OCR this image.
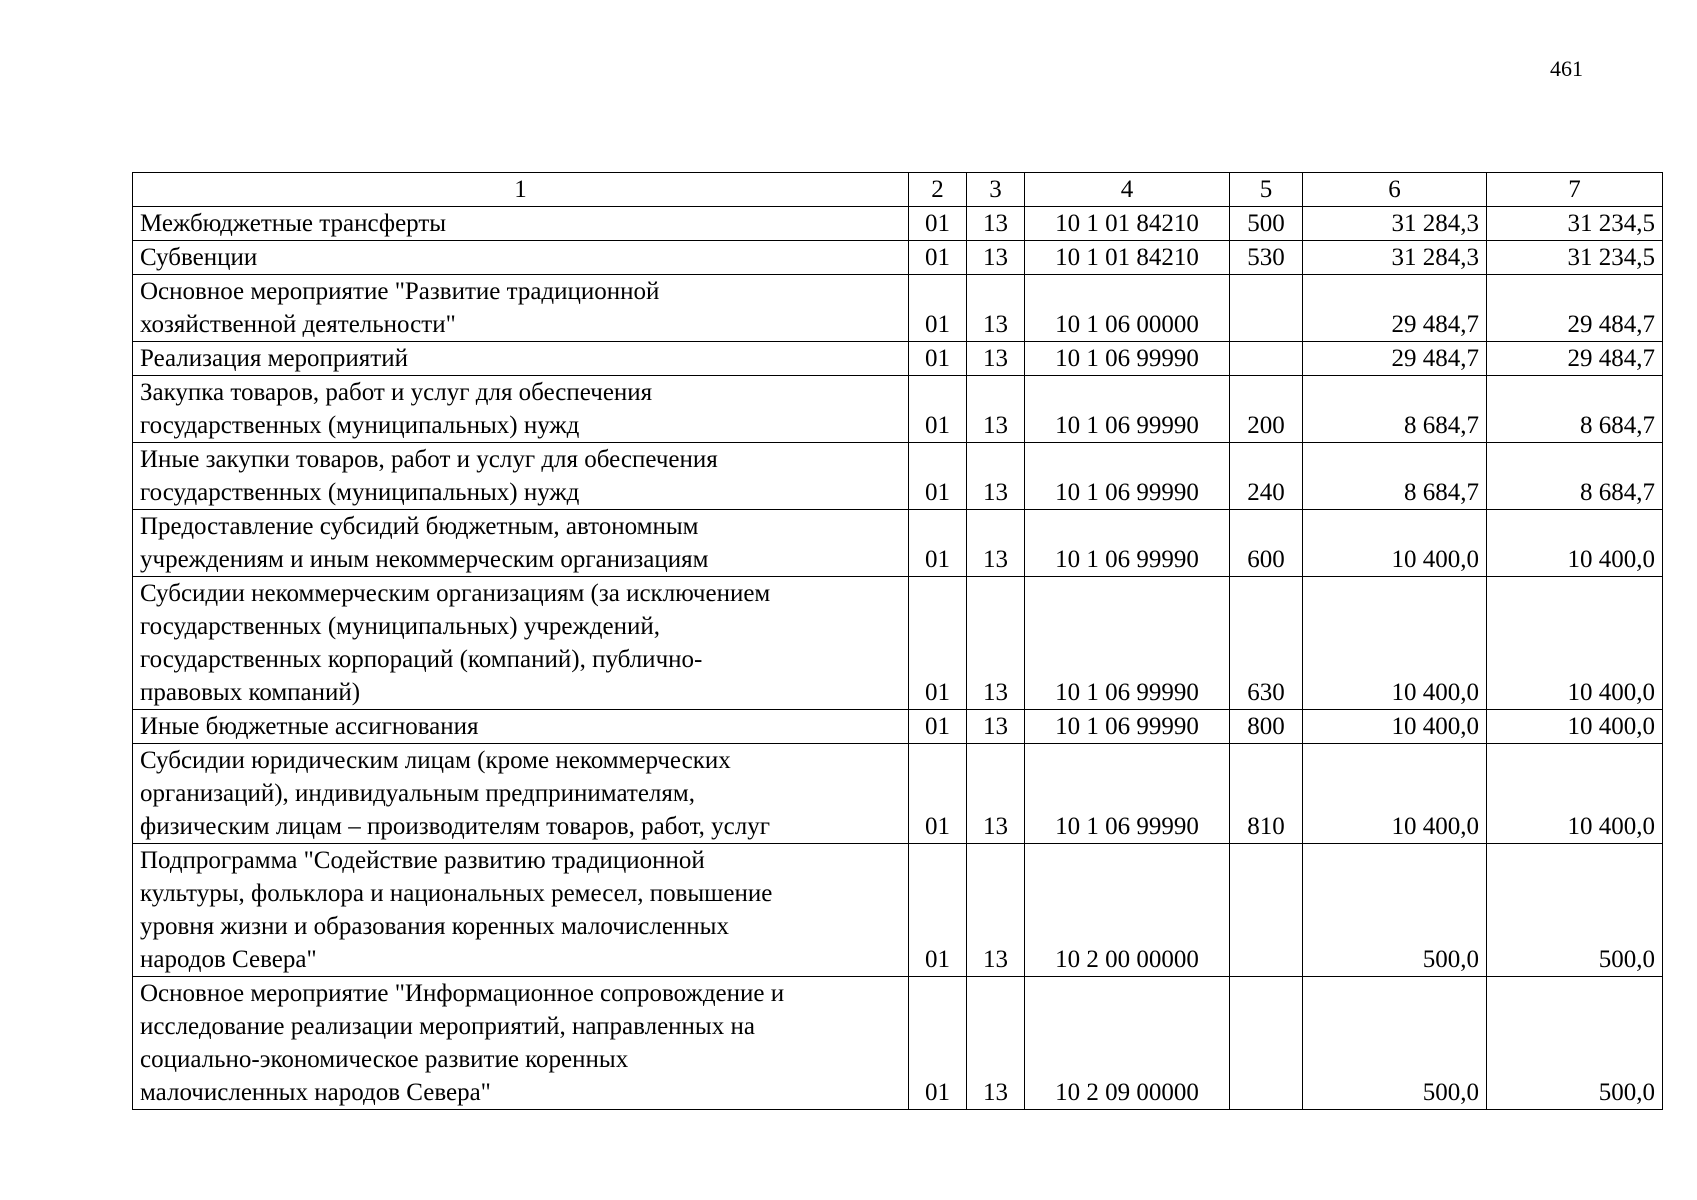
461
1	2	3	4	5	6	7
Межбюджетные трансферты	01	13	10 1 01 84210	500	31 284,3	31 234,5
Субвенции	01	13	10 1 01 84210	530	31 284,3	31 234,5
Основное мероприятие "Развитие традиционной
хозяйственной деятельности"	01	13	10 1 06 00000		29 484,7	29 484,7
Реализация мероприятий	01	13	10 1 06 99990		29 484,7	29 484,7
Закупка товаров, работ и услуг для обеспечения
государственных (муниципальных) нужд	01	13	10 1 06 99990	200	8 684,7	8 684,7
Иные закупки товаров, работ и услуг для обеспечения
государственных (муниципальных) нужд	01	13	10 1 06 99990	240	8 684,7	8 684,7
Предоставление субсидий бюджетным, автономным
учреждениям и иным некоммерческим организациям	01	13	10 1 06 99990	600	10 400,0	10 400,0
Субсидии некоммерческим организациям (за исключением
государственных (муниципальных) учреждений,
государственных корпораций (компаний), публично-
правовых компаний)	01	13	10 1 06 99990	630	10 400,0	10 400,0
Иные бюджетные ассигнования	01	13	10 1 06 99990	800	10 400,0	10 400,0
Субсидии юридическим лицам (кроме некоммерческих
организаций), индивидуальным предпринимателям,
физическим лицам – производителям товаров, работ, услуг	01	13	10 1 06 99990	810	10 400,0	10 400,0
Подпрограмма "Содействие развитию традиционной
культуры, фольклора и национальных ремесел, повышение
уровня жизни и образования коренных малочисленных
народов Севера"	01	13	10 2 00 00000		500,0	500,0
Основное мероприятие "Информационное сопровождение и
исследование реализации мероприятий, направленных на
социально-экономическое развитие коренных
малочисленных народов Севера"	01	13	10 2 09 00000		500,0	500,0
